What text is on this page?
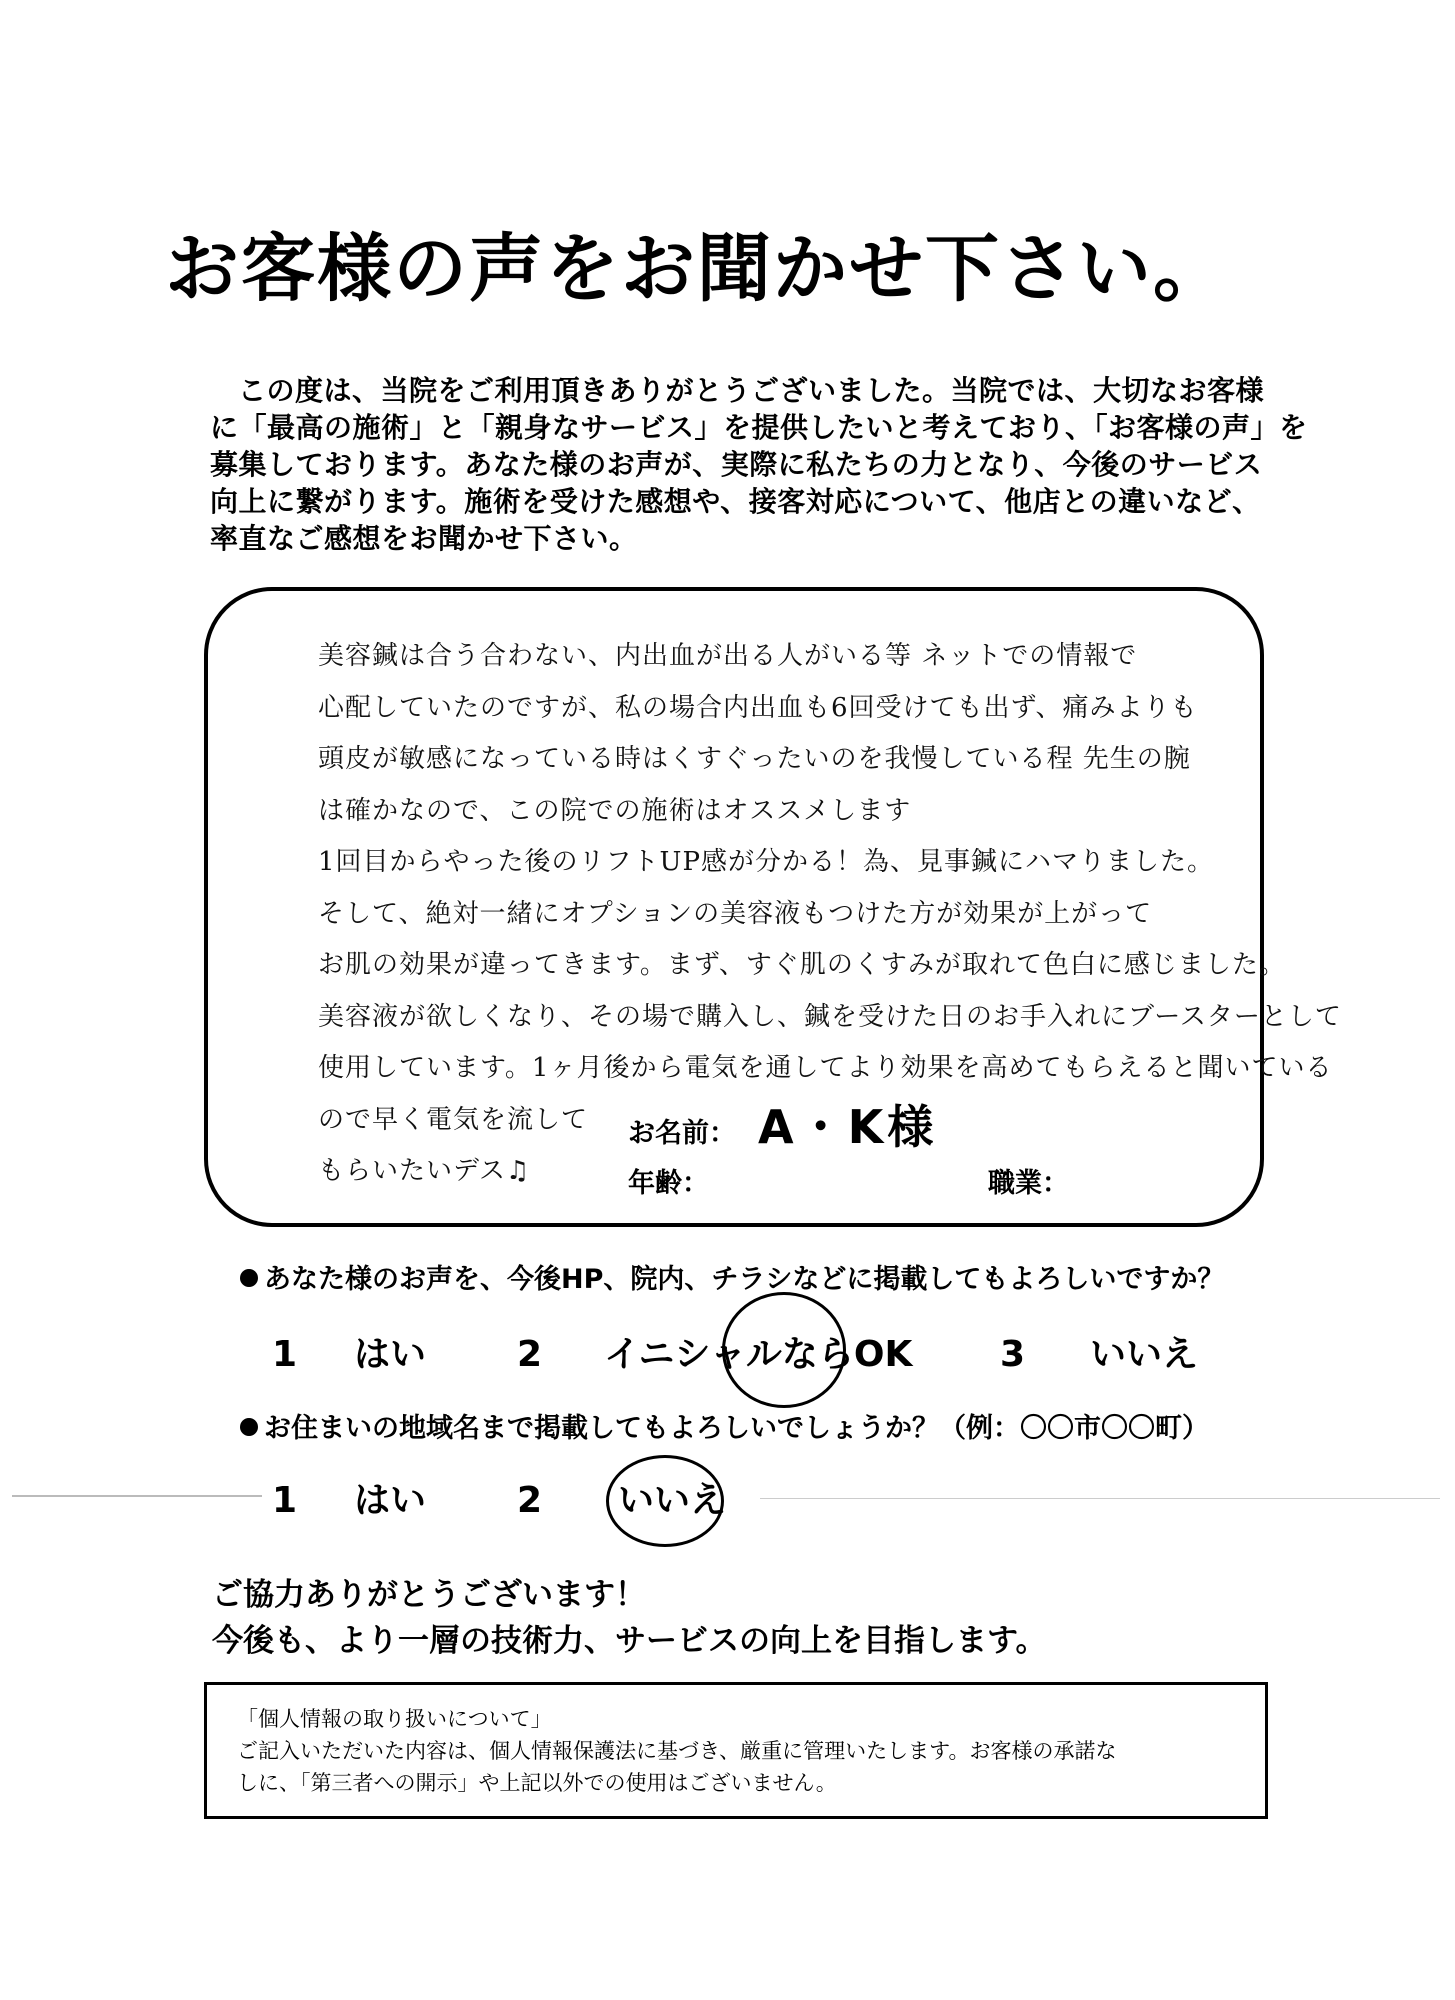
お客様の声をお聞かせ下さい。
この度は、当院をご利用頂きありがとうございました。当院では、大切なお客様
に「最高の施術」と「親身なサービス」を提供したいと考えており、「お客様の声」を
募集しております。あなた様のお声が、実際に私たちの力となり、今後のサービス
向上に繋がります。施術を受けた感想や、接客対応について、他店との違いなど、
率直なご感想をお聞かせ下さい。
美容鍼は合う合わない、内出血が出る人がいる等 ネットでの情報で
心配していたのですが、私の場合内出血も6回受けても出ず、痛みよりも
頭皮が敏感になっている時はくすぐったいのを我慢している程 先生の腕
は確かなので、この院での施術はオススメします
1回目からやった後のリフトUP感が分かる！為、見事鍼にハマりました。
そして、絶対一緒にオプションの美容液もつけた方が効果が上がって
お肌の効果が違ってきます。まず、すぐ肌のくすみが取れて色白に感じました。
美容液が欲しくなり、その場で購入し、鍼を受けた日のお手入れにブースターとして
使用しています。1ヶ月後から電気を通してより効果を高めてもらえると聞いている
ので早く電気を流して
もらいたいデス♫
お名前： A・K様
年齢：	職業：
あなた様のお声を、今後HP、院内、チラシなどに掲載してもよろしいですか？
1 はい	2 イニシャルならOK 3 いいえ
お住まいの地域名まで掲載してもよろしいでしょうか？（例：〇〇市〇〇町）
1 はい	2 いいえ
ご協力ありがとうございます！
今後も、より一層の技術力、サービスの向上を目指します。
「個人情報の取り扱いについて」
ご記入いただいた内容は、個人情報保護法に基づき、厳重に管理いたします。お客様の承諾な
しに、「第三者への開示」や上記以外での使用はございません。
